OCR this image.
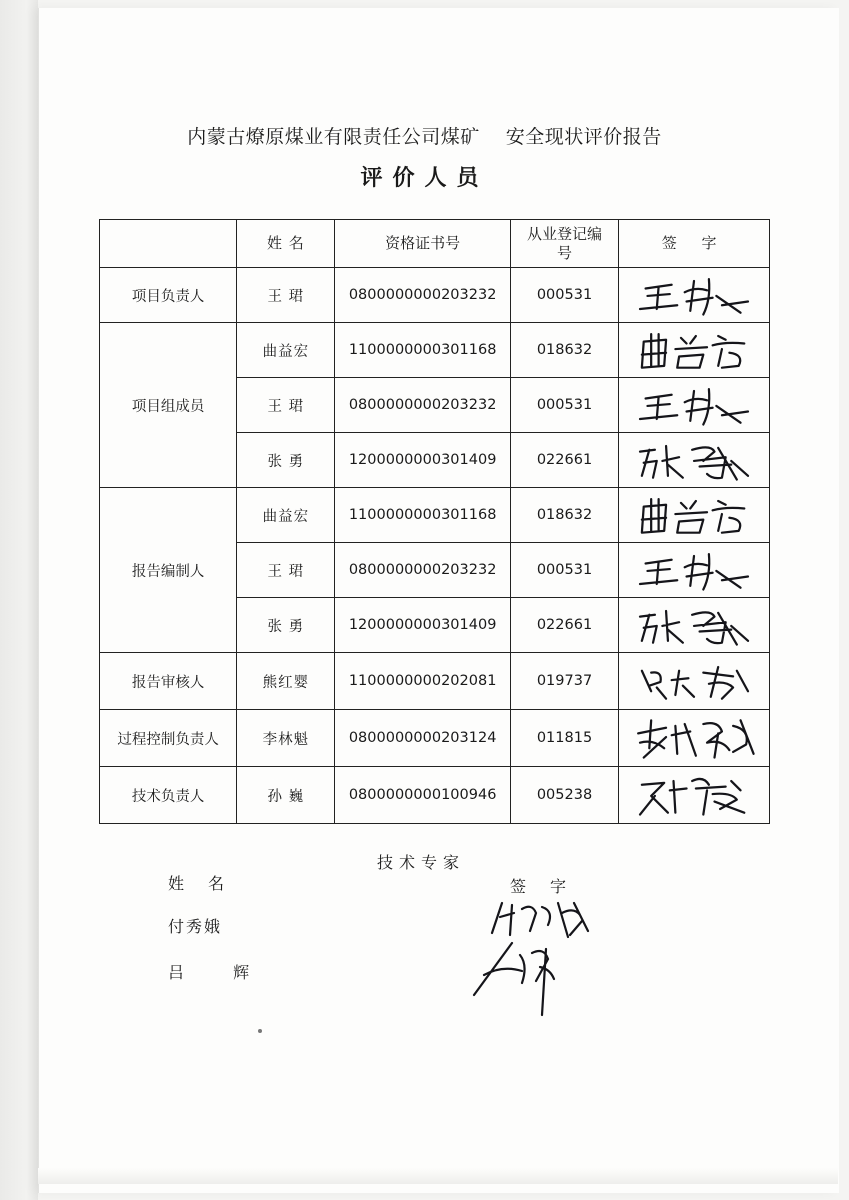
内蒙古燎原煤业有限责任公司煤矿 安全现状评价报告
评价人员
	姓 名	资格证书号	从业登记编号	签 字
项目负责人	王 珺	0800000000203232	000531	

项目组成员	曲益宏	1100000000301168	018632	

	王 珺	0800000000203232	000531	

	张 勇	1200000000301409	022661	

报告编制人	曲益宏	1100000000301168	018632	

	王 珺	0800000000203232	000531	

	张 勇	1200000000301409	022661	

报告审核人	熊红婴	1100000000202081	019737	

过程控制负责人	李林魁	0800000000203124	011815	

技术负责人	孙 巍	0800000000100946	005238	
技术专家
姓名	签字
付秀娥
吕 辉
